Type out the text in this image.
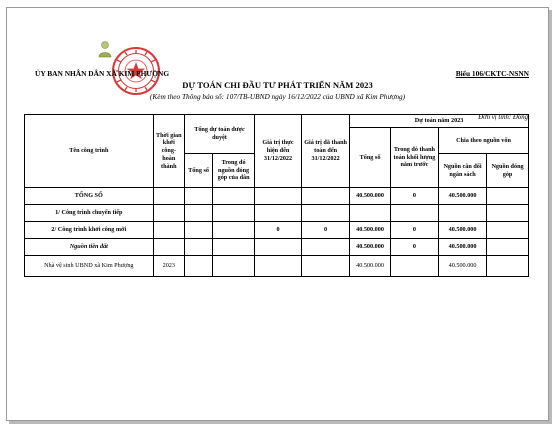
ỦY BAN NHÂN DÂN XÃ KIM PHƯỢNG	Biểu 106/CKTC-NSNN
DỰ TOÁN CHI ĐẦU TƯ PHÁT TRIỂN NĂM 2023
(Kèm theo Thông báo số: 107/TB-UBND ngày 16/12/2022 của UBND xã Kim Phượng)
Đơn vị tính: Đồng
Tên công trình	Thời gian khởi công-hoàn thành	Tổng dự toán được duyệt		Giá trị thực hiện đến 31/12/2022	Giá trị đã thanh toán đến 31/12/2022	Dự toán năm 2023			
						Tổng số	Trong đó thanh toán khối lượng năm trước	Chia theo nguồn vốn	
		Tổng số	Trong đó nguồn đóng góp của dân					Nguồn cân đối ngân sách	Nguồn đóng góp
TỔNG SỐ						40.500.000	0	40.500.000	
1/ Công trình chuyển tiếp									
2/ Công trình khởi công mới				0	0	40.500.000	0	40.500.000	
Nguồn tiền đất						40.500.000	0	40.500.000	
Nhà vệ sinh UBND xã Kim Phượng	2023					40.500.000		40.500.000	
